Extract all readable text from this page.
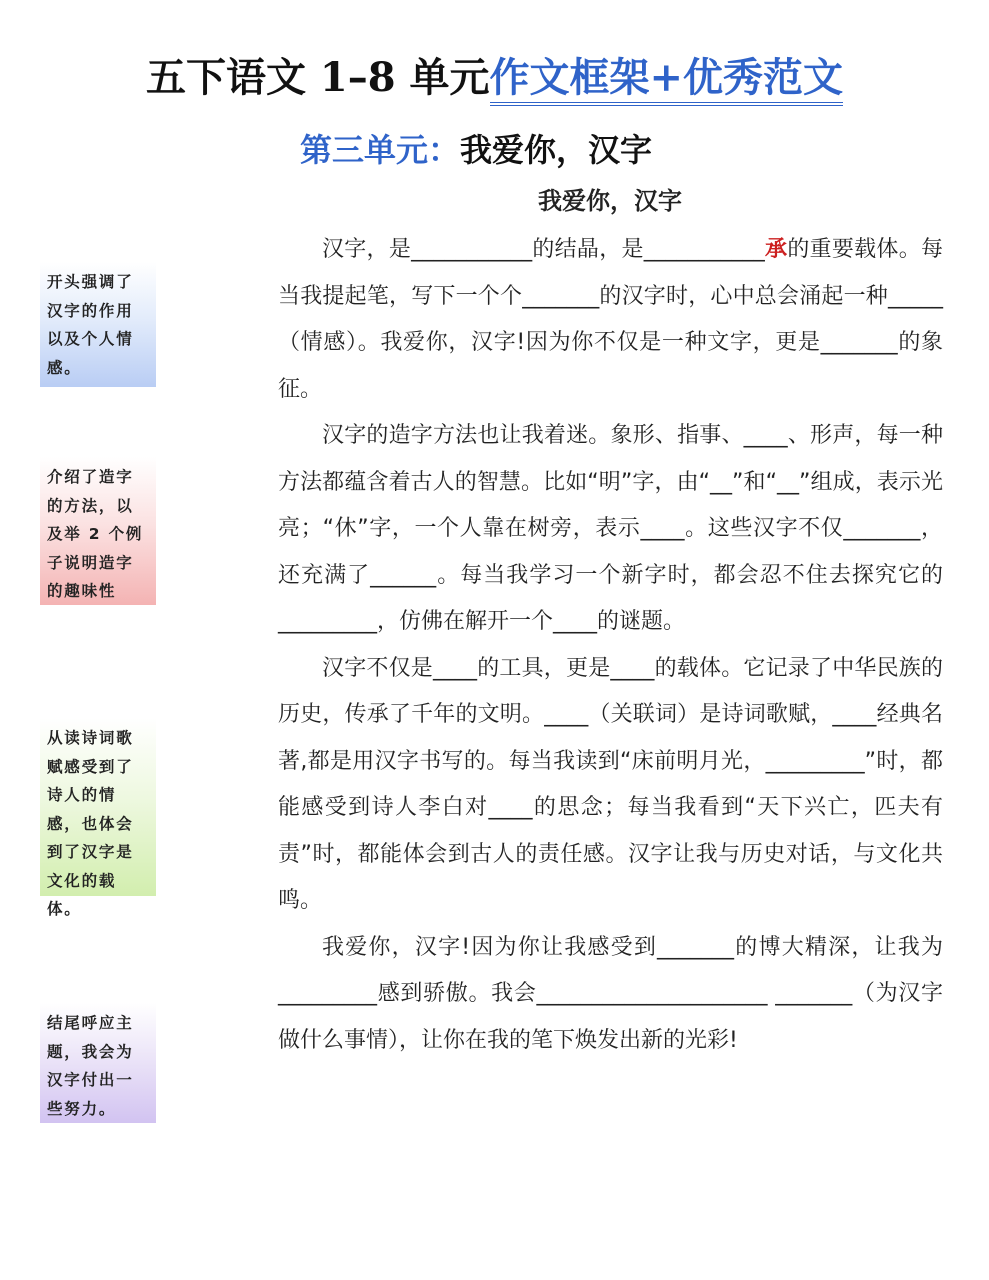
五下语文 1–8 单元作文框架+优秀范文
第三单元：我爱你，汉字
我爱你，汉字
开头强调了汉字的作用以及个人情感。
介绍了造字的方法，以及举 2 个例子说明造字的趣味性
从读诗词歌赋感受到了诗人的情感，也体会到了汉字是文化的载体。
结尾呼应主题，我会为汉字付出一些努力。

汉字，是___________的结晶，是___________承的重要载体。每当我提起笔，写下一个个_______的汉字时，心中总会涌起一种_____（情感）。我爱你，汉字!因为你不仅是一种文字，更是_______的象征。

汉字的造字方法也让我着迷。象形、指事、____、形声，每一种方法都蕴含着古人的智慧。比如“明”字，由“__”和“__”组成，表示光亮；“休”字，一个人靠在树旁，表示____。这些汉字不仅_______，还充满了______。每当我学习一个新字时，都会忍不住去探究它的_________，仿佛在解开一个____的谜题。

汉字不仅是____的工具，更是____的载体。它记录了中华民族的历史，传承了千年的文明。____（关联词）是诗词歌赋，____经典名著,都是用汉字书写的。每当我读到“床前明月光，_________”时，都能感受到诗人李白对____的思念；每当我看到“天下兴亡，匹夫有责”时，都能体会到古人的责任感。汉字让我与历史对话，与文化共鸣。

我爱你，汉字!因为你让我感受到_______的博大精深，让我为_________感到骄傲。我会_____________________ _______（为汉字做什么事情），让你在我的笔下焕发出新的光彩!
